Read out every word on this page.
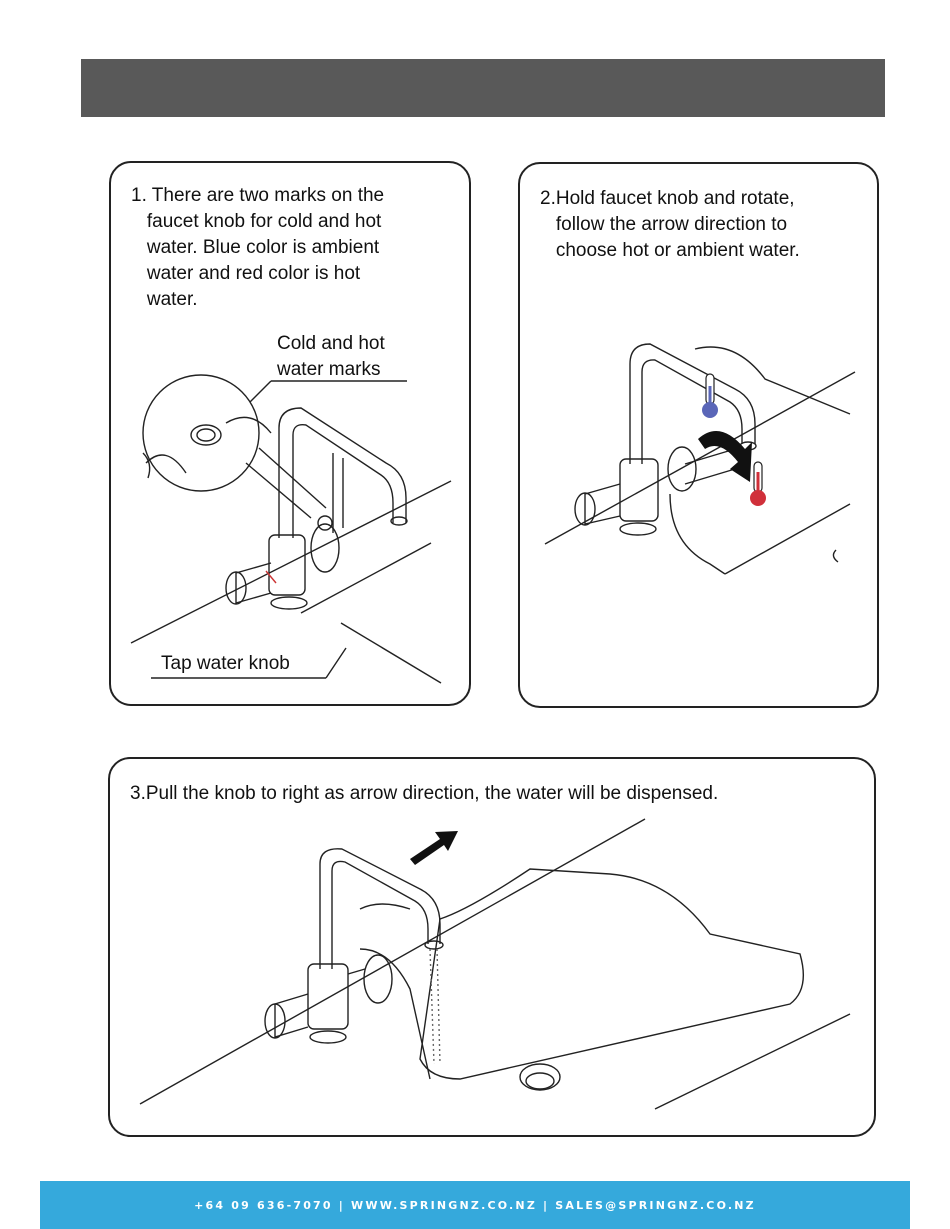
1. There are two marks on the
faucet knob for cold and hot
water. Blue color is ambient
water and red color is hot
water.
Cold and hot
water marks
Tap water knob
2.Hold faucet knob and rotate,
follow the arrow direction to
choose hot or ambient water.
3.Pull the knob to right as arrow direction, the water will be dispensed.
+64 09 636-7070 | WWW.SPRINGNZ.CO.NZ | SALES@SPRINGNZ.CO.NZ
